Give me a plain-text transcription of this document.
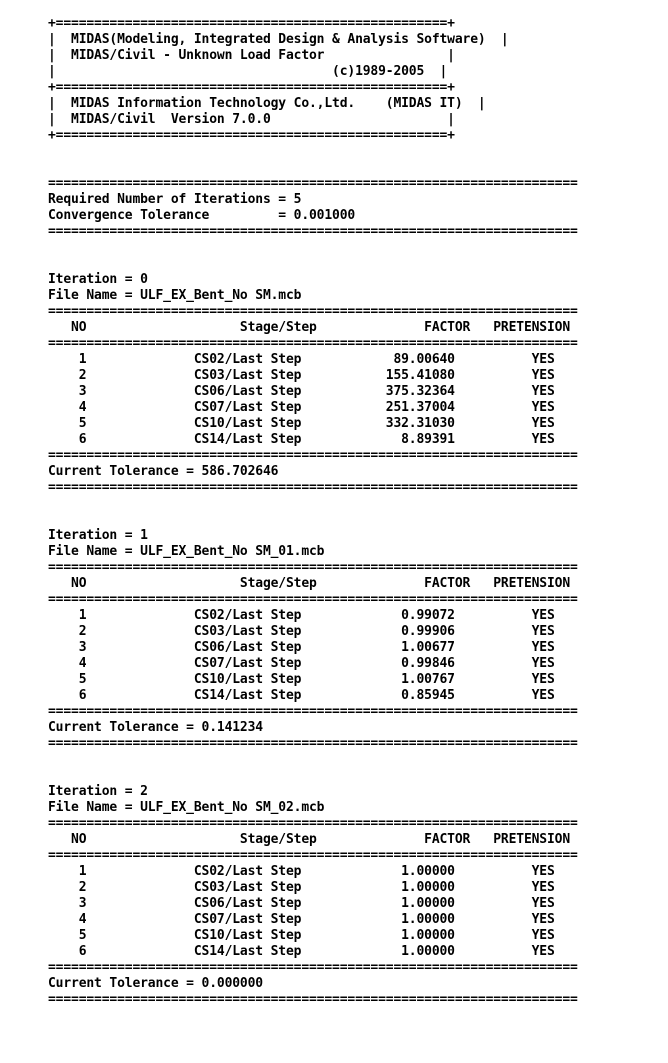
+===================================================+
|  MIDAS(Modeling, Integrated Design & Analysis Software)  |
|  MIDAS/Civil - Unknown Load Factor                |
|                                    (c)1989-2005  |
+===================================================+
|  MIDAS Information Technology Co.,Ltd.    (MIDAS IT)  |
|  MIDAS/Civil  Version 7.0.0                       |
+===================================================+
=====================================================================
Required Number of Iterations = 5
Convergence Tolerance         = 0.001000
=====================================================================
Iteration = 0
File Name = ULF_EX_Bent_No SM.mcb
=====================================================================
NO                    Stage/Step              FACTOR   PRETENSION
=====================================================================
1              CS02/Last Step            89.00640          YES
2              CS03/Last Step           155.41080          YES
3              CS06/Last Step           375.32364          YES
4              CS07/Last Step           251.37004          YES
5              CS10/Last Step           332.31030          YES
6              CS14/Last Step             8.89391          YES
=====================================================================
Current Tolerance = 586.702646
=====================================================================
Iteration = 1
File Name = ULF_EX_Bent_No SM_01.mcb
=====================================================================
NO                    Stage/Step              FACTOR   PRETENSION
=====================================================================
1              CS02/Last Step             0.99072          YES
2              CS03/Last Step             0.99906          YES
3              CS06/Last Step             1.00677          YES
4              CS07/Last Step             0.99846          YES
5              CS10/Last Step             1.00767          YES
6              CS14/Last Step             0.85945          YES
=====================================================================
Current Tolerance = 0.141234
=====================================================================
Iteration = 2
File Name = ULF_EX_Bent_No SM_02.mcb
=====================================================================
NO                    Stage/Step              FACTOR   PRETENSION
=====================================================================
1              CS02/Last Step             1.00000          YES
2              CS03/Last Step             1.00000          YES
3              CS06/Last Step             1.00000          YES
4              CS07/Last Step             1.00000          YES
5              CS10/Last Step             1.00000          YES
6              CS14/Last Step             1.00000          YES
=====================================================================
Current Tolerance = 0.000000
=====================================================================
